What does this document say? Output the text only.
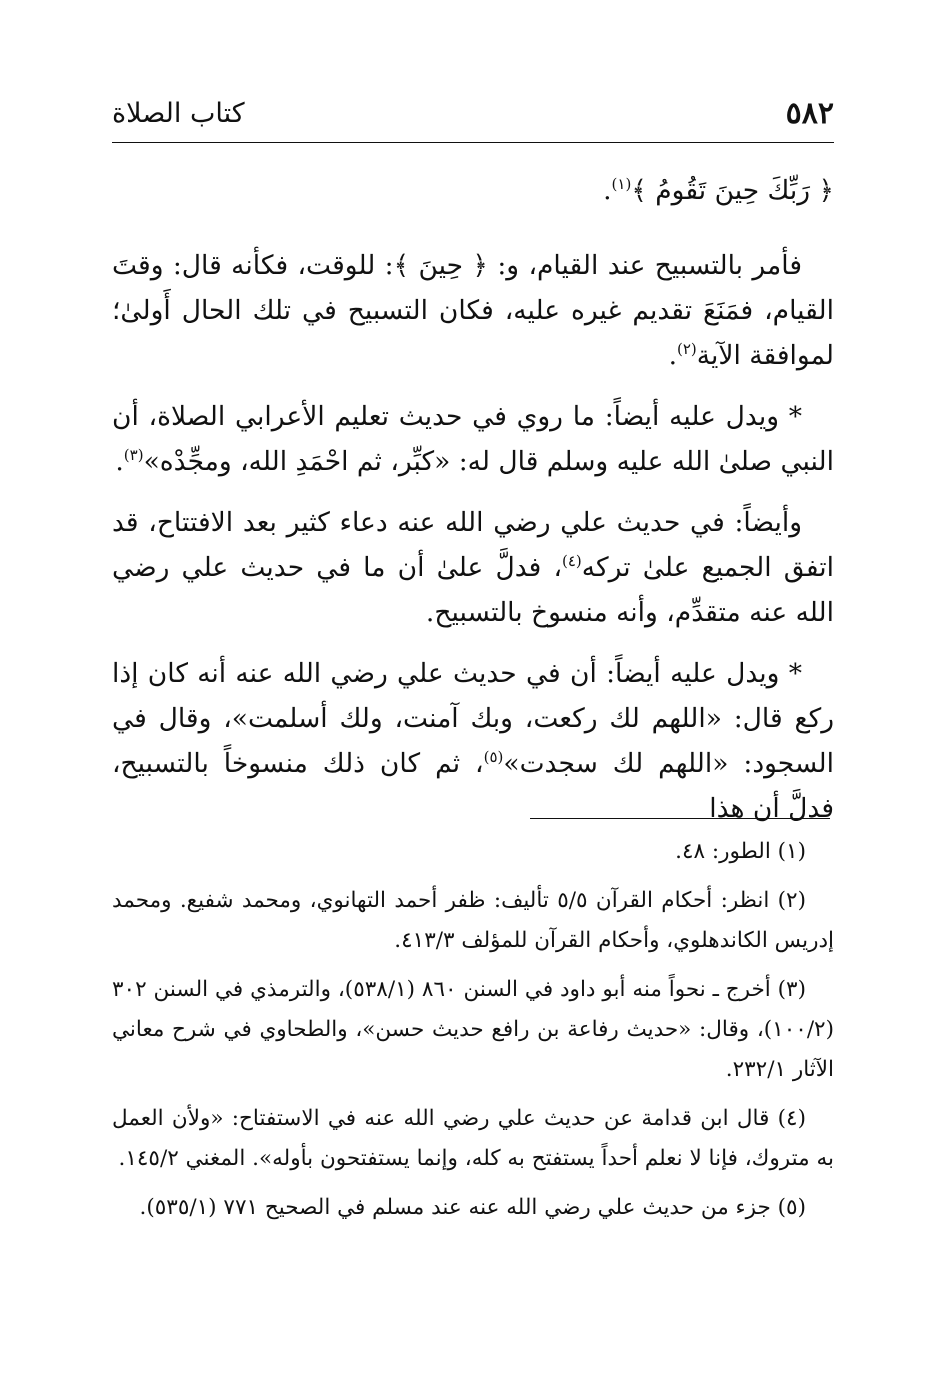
٥٨٢
كتاب الصلاة

﴿ رَبِّكَ حِينَ تَقُومُ ﴾$^{(١)}$.

فأمر بالتسبيح عند القيام، و: ﴿ حِينَ ﴾: للوقت، فكأنه قال: وقتَ القيام، فمَنَعَ تقديم غيره عليه، فكان التسبيح في تلك الحال أَولىٰ؛ لموافقة الآية$^{(٢)}$.

* ويدل عليه أيضاً: ما روي في حديث تعليم الأعرابي الصلاة، أن النبي صلىٰ الله عليه وسلم قال له: «كبِّر، ثم احْمَدِ الله، ومجِّدْه»$^{(٣)}$.

وأيضاً: في حديث علي رضي الله عنه دعاء كثير بعد الافتتاح، قد اتفق الجميع علىٰ تركه$^{(٤)}$، فدلَّ علىٰ أن ما في حديث علي رضي الله عنه متقدِّم، وأنه منسوخ بالتسبيح.

* ويدل عليه أيضاً: أن في حديث علي رضي الله عنه أنه كان إذا ركع قال: «اللهم لك ركعت، وبك آمنت، ولك أسلمت»، وقال في السجود: «اللهم لك سجدت»$^{(٥)}$، ثم كان ذلك منسوخاً بالتسبيح، فدلَّ أن هذا

(١) الطور: ٤٨.

(٢) انظر: أحكام القرآن ٥/٥ تأليف: ظفر أحمد التهانوي، ومحمد شفيع. ومحمد إدريس الكاندهلوي، وأحكام القرآن للمؤلف ٤١٣/٣.

(٣) أخرج ـ نحواً منه أبو داود في السنن ٨٦٠ (٥٣٨/١)، والترمذي في السنن ٣٠٢ (١٠٠/٢)، وقال: «حديث رفاعة بن رافع حديث حسن»، والطحاوي في شرح معاني الآثار ٢٣٢/١.

(٤) قال ابن قدامة عن حديث علي رضي الله عنه في الاستفتاح: «ولأن العمل به متروك، فإنا لا نعلم أحداً يستفتح به كله، وإنما يستفتحون بأوله». المغني ١٤٥/٢.

(٥) جزء من حديث علي رضي الله عنه عند مسلم في الصحيح ٧٧١ (٥٣٥/١).
